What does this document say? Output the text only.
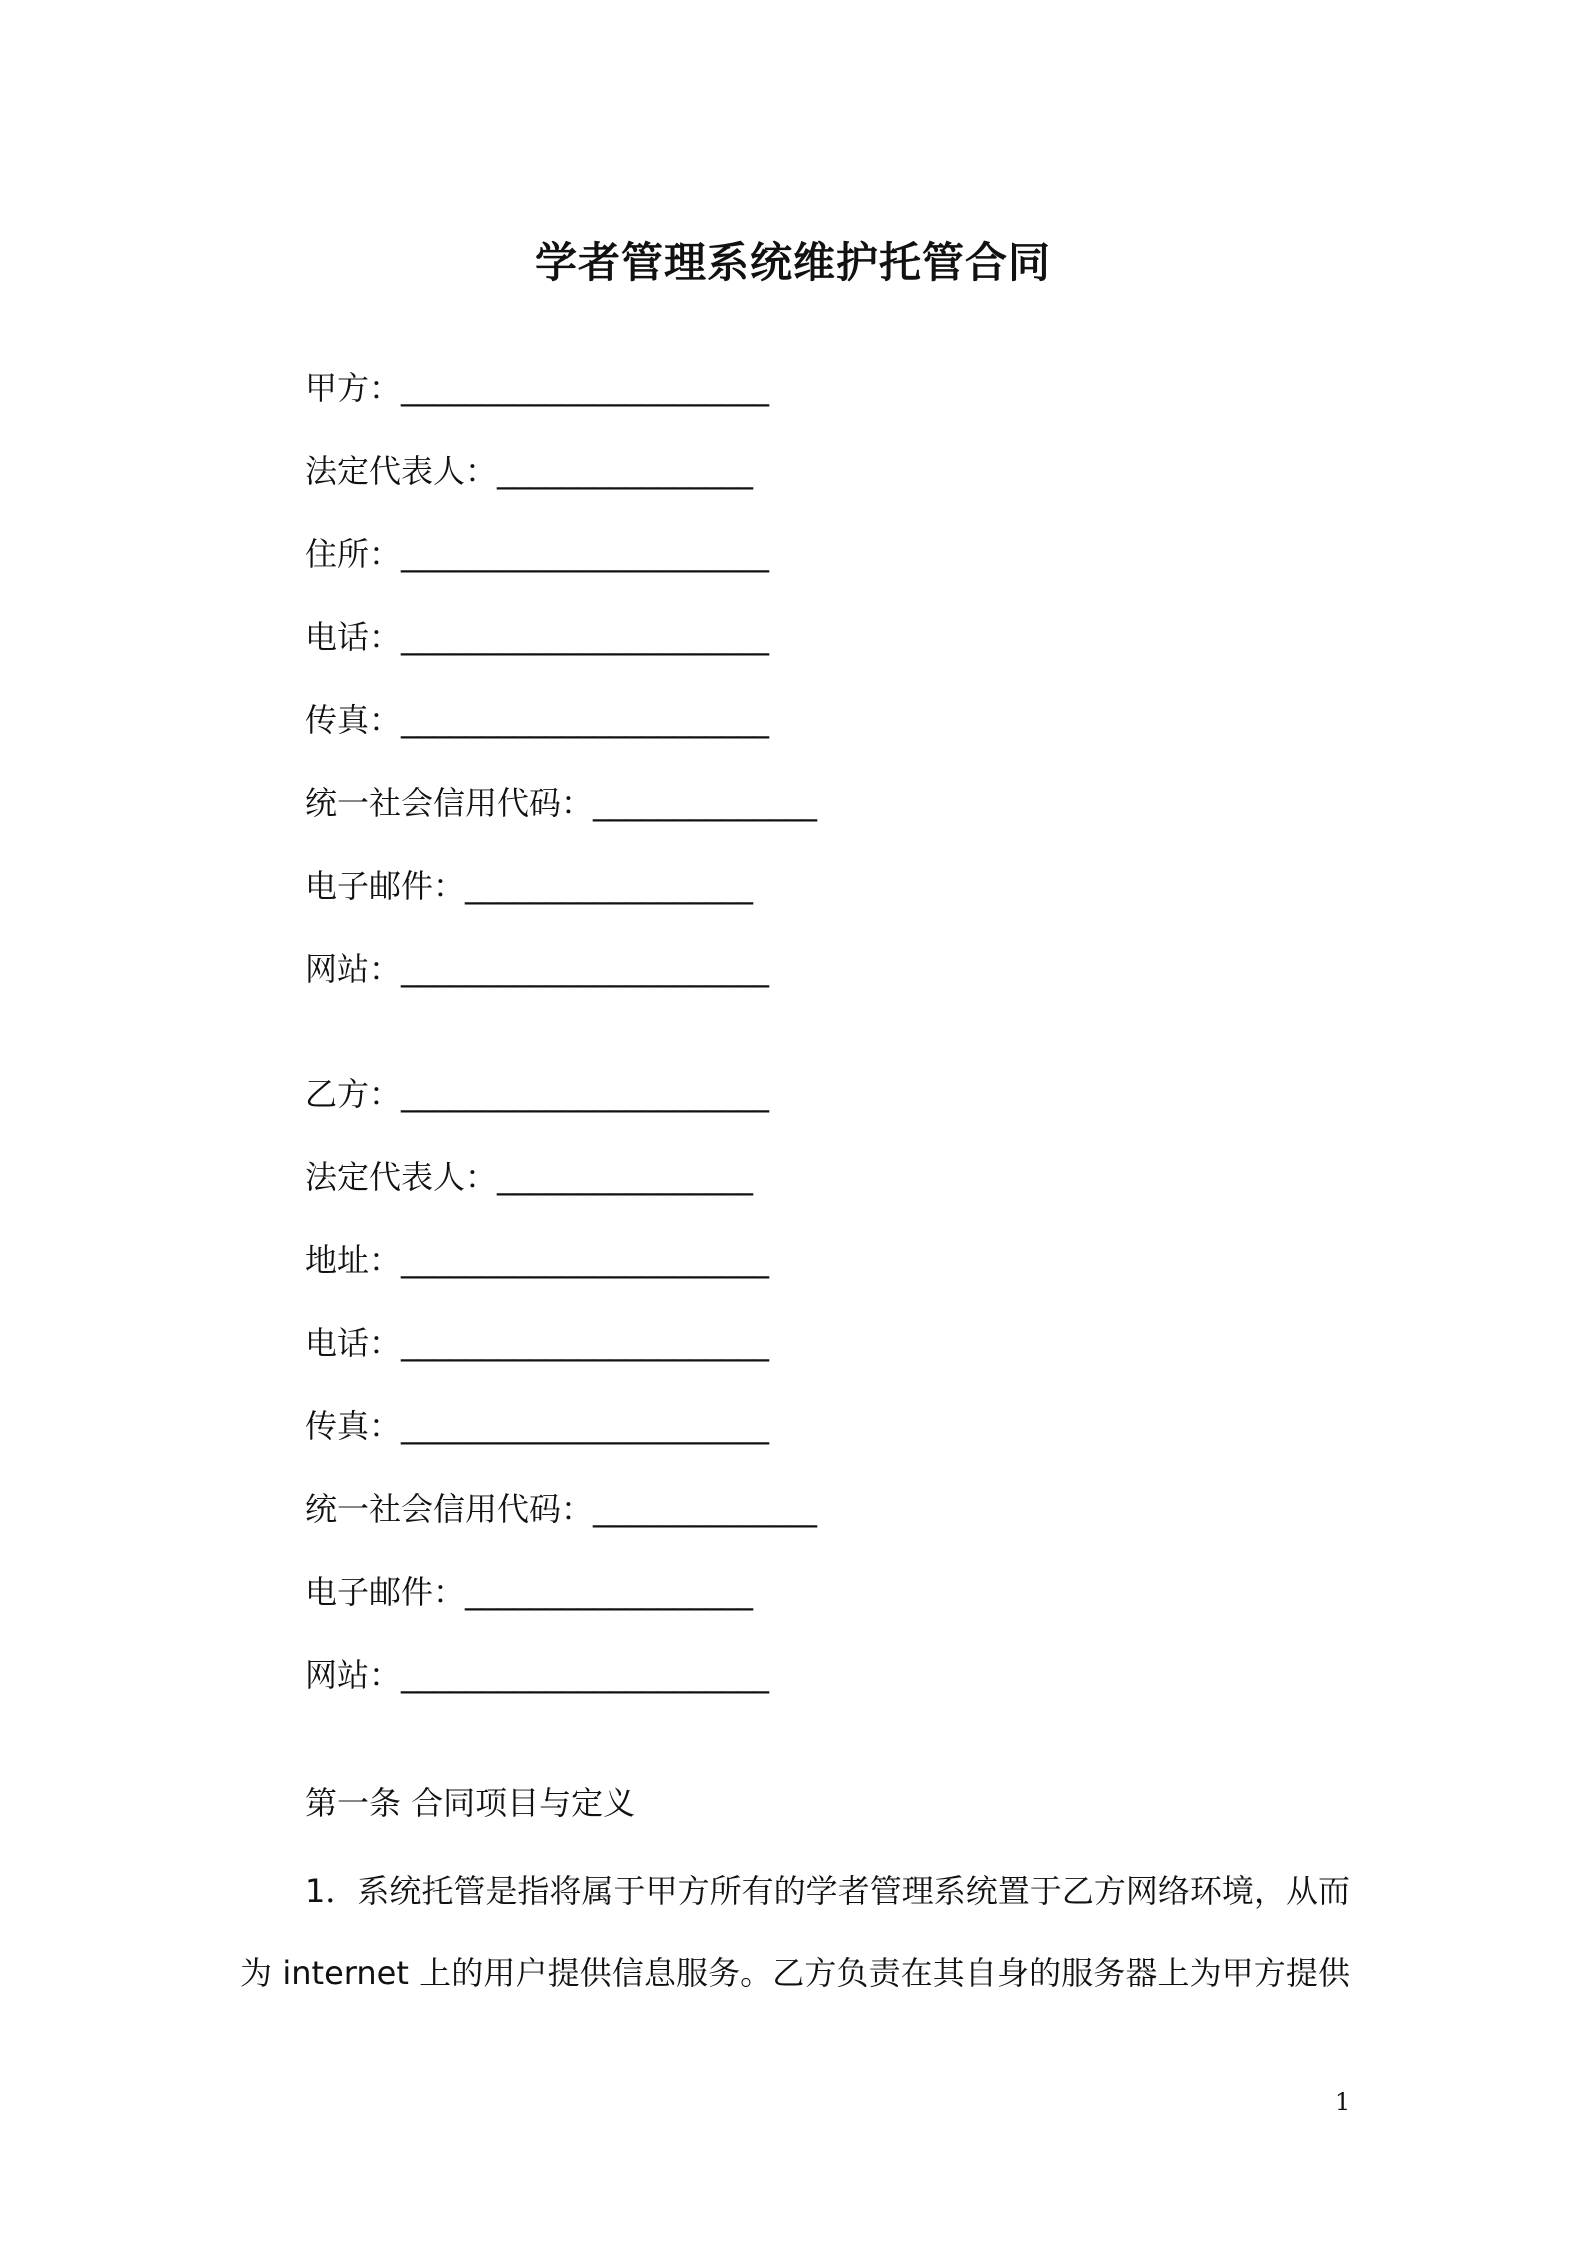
学者管理系统维护托管合同
甲方：_______________________
法定代表人：________________
住所：_______________________
电话：_______________________
传真：_______________________
统一社会信用代码：______________
电子邮件：__________________
网站：_______________________
乙方：_______________________
法定代表人：________________
地址：_______________________
电话：_______________________
传真：_______________________
统一社会信用代码：______________
电子邮件：__________________
网站：_______________________
第一条 合同项目与定义
1．系统托管是指将属于甲方所有的学者管理系统置于乙方网络环境，从而
为 internet 上的用户提供信息服务。乙方负责在其自身的服务器上为甲方提供
1
